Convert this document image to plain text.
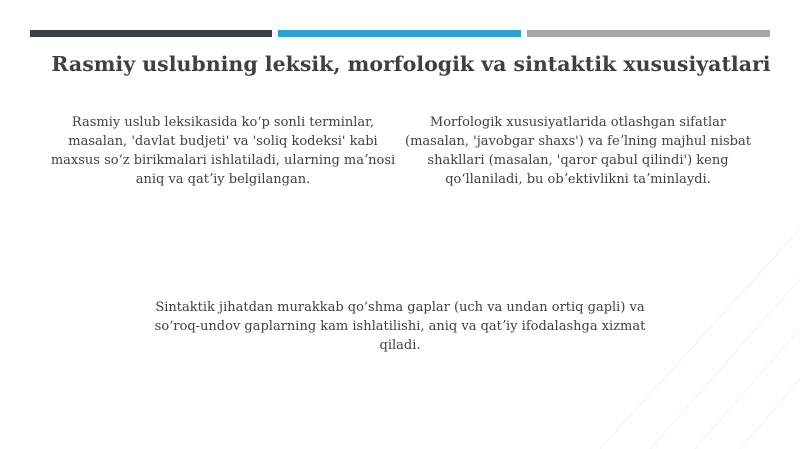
Rasmiy uslubning leksik, morfologik va sintaktik xususiyatlari
Rasmiy uslub leksikasida koʻp sonli terminlar, masalan, 'davlat budjeti' va 'soliq kodeksi' kabi maxsus soʻz birikmalari ishlatiladi, ularning maʼnosi aniq va qatʼiy belgilangan.
Morfologik xususiyatlarida otlashgan sifatlar (masalan, 'javobgar shaxs') va feʼlning majhul nisbat shakllari (masalan, 'qaror qabul qilindi') keng qoʻllaniladi, bu obʼektivlikni taʼminlaydi.
Sintaktik jihatdan murakkab qoʻshma gaplar (uch va undan ortiq gapli) va soʻroq-undov gaplarning kam ishlatilishi, aniq va qatʼiy ifodalashga xizmat qiladi.
